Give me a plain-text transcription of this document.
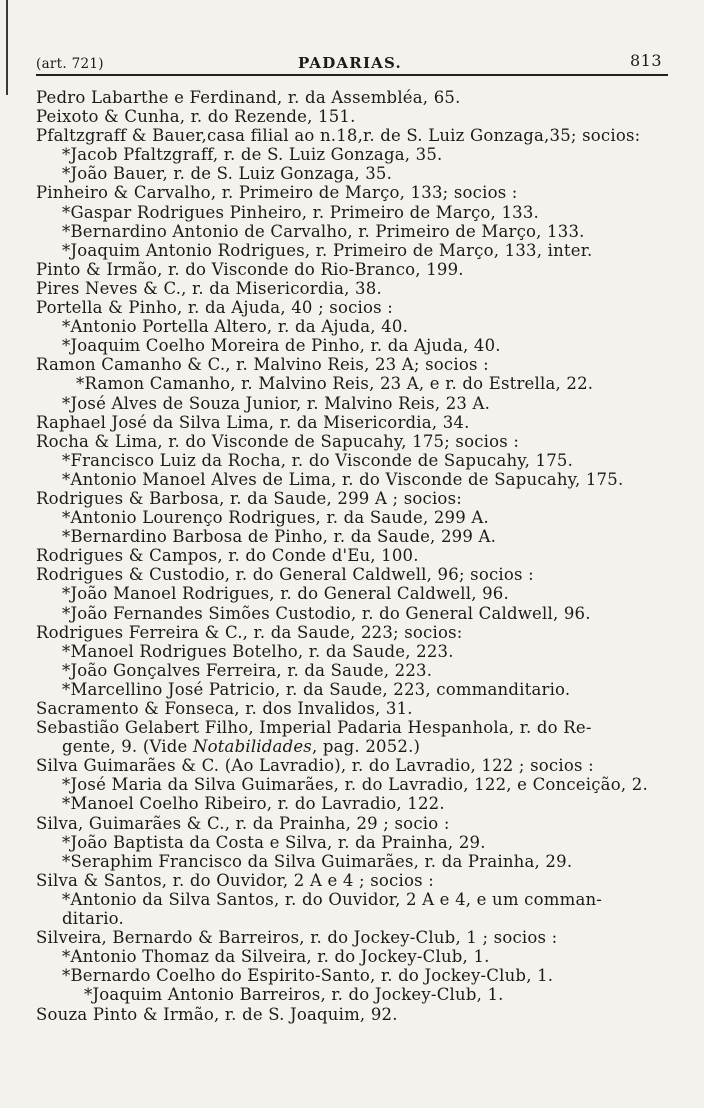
(art. 721)	PADARIAS.	813
Pedro Labarthe e Ferdinand, r. da Assembléa, 65.
Peixoto & Cunha, r. do Rezende, 151.
Pfaltzgraff & Bauer,casa filial ao n.18,r. de S. Luiz Gonzaga,35; socios:
*Jacob Pfaltzgraff, r. de S. Luiz Gonzaga, 35.
*João Bauer, r. de S. Luiz Gonzaga, 35.
Pinheiro & Carvalho, r. Primeiro de Março, 133; socios :
*Gaspar Rodrigues Pinheiro, r. Primeiro de Março, 133.
*Bernardino Antonio de Carvalho, r. Primeiro de Março, 133.
*Joaquim Antonio Rodrigues, r. Primeiro de Março, 133, inter.
Pinto & Irmão, r. do Visconde do Rio-Branco, 199.
Pires Neves & C., r. da Misericordia, 38.
Portella & Pinho, r. da Ajuda, 40 ; socios :
*Antonio Portella Altero, r. da Ajuda, 40.
*Joaquim Coelho Moreira de Pinho, r. da Ajuda, 40.
Ramon Camanho & C., r. Malvino Reis, 23 A; socios :
*Ramon Camanho, r. Malvino Reis, 23 A, e r. do Estrella, 22.
*José Alves de Souza Junior, r. Malvino Reis, 23 A.
Raphael José da Silva Lima, r. da Misericordia, 34.
Rocha & Lima, r. do Visconde de Sapucahy, 175; socios :
*Francisco Luiz da Rocha, r. do Visconde de Sapucahy, 175.
*Antonio Manoel Alves de Lima, r. do Visconde de Sapucahy, 175.
Rodrigues & Barbosa, r. da Saude, 299 A ; socios:
*Antonio Lourenço Rodrigues, r. da Saude, 299 A.
*Bernardino Barbosa de Pinho, r. da Saude, 299 A.
Rodrigues & Campos, r. do Conde d'Eu, 100.
Rodrigues & Custodio, r. do General Caldwell, 96; socios :
*João Manoel Rodrigues, r. do General Caldwell, 96.
*João Fernandes Simões Custodio, r. do General Caldwell, 96.
Rodrigues Ferreira & C., r. da Saude, 223; socios:
*Manoel Rodrigues Botelho, r. da Saude, 223.
*João Gonçalves Ferreira, r. da Saude, 223.
*Marcellino José Patricio, r. da Saude, 223, commanditario.
Sacramento & Fonseca, r. dos Invalidos, 31.
Sebastião Gelabert Filho, Imperial Padaria Hespanhola, r. do Re-
gente, 9. (Vide Notabilidades, pag. 2052.)
Silva Guimarães & C. (Ao Lavradio), r. do Lavradio, 122 ; socios :
*José Maria da Silva Guimarães, r. do Lavradio, 122, e Conceição, 2.
*Manoel Coelho Ribeiro, r. do Lavradio, 122.
Silva, Guimarães & C., r. da Prainha, 29 ; socio :
*João Baptista da Costa e Silva, r. da Prainha, 29.
*Seraphim Francisco da Silva Guimarães, r. da Prainha, 29.
Silva & Santos, r. do Ouvidor, 2 A e 4 ; socios :
*Antonio da Silva Santos, r. do Ouvidor, 2 A e 4, e um comman-
ditario.
Silveira, Bernardo & Barreiros, r. do Jockey-Club, 1 ; socios :
*Antonio Thomaz da Silveira, r. do Jockey-Club, 1.
*Bernardo Coelho do Espirito-Santo, r. do Jockey-Club, 1.
*Joaquim Antonio Barreiros, r. do Jockey-Club, 1.
Souza Pinto & Irmão, r. de S. Joaquim, 92.
